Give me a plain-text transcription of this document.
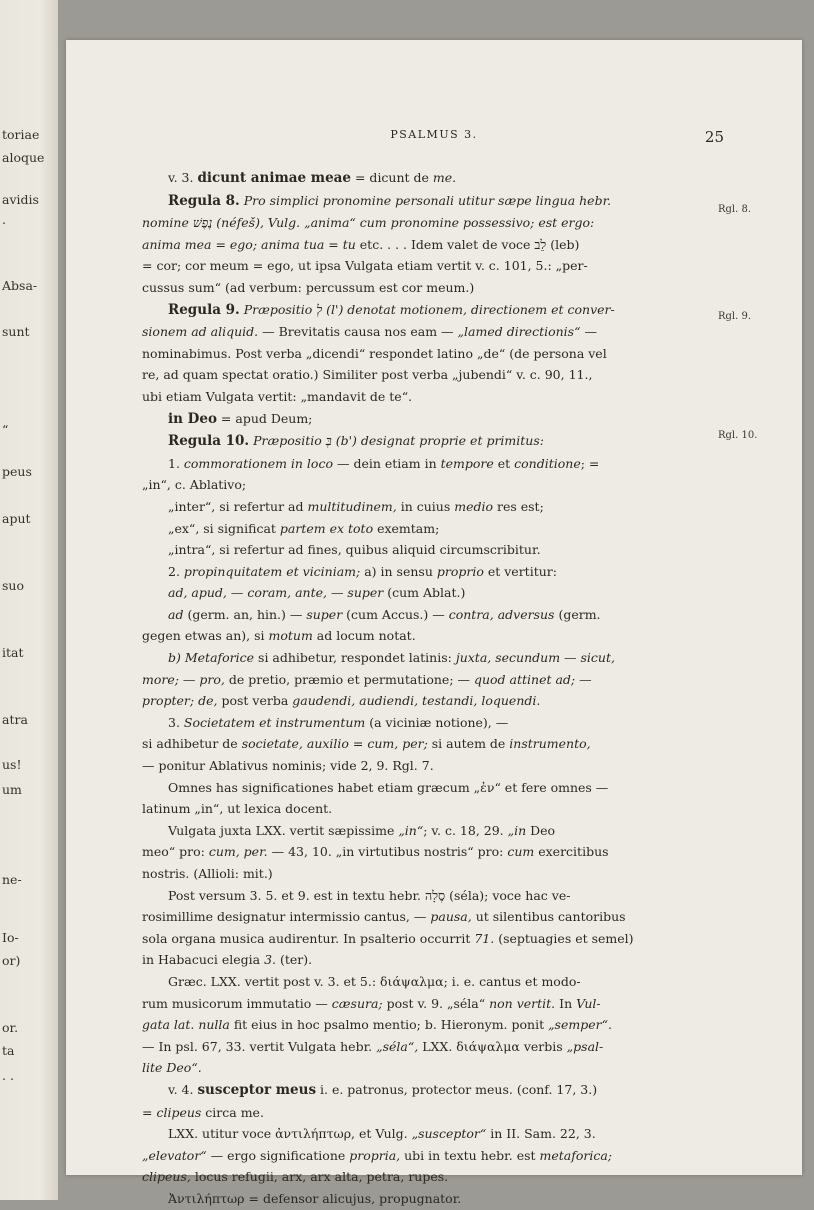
toriae
aloque
avidis
.
Absa-
sunt
“
peus
aput
suo
itat
atra
us!
um
ne-
Io-
or)
or.
ta
. .
PSALMUS 3.	25
Rgl. 8.
Rgl. 9.
Rgl. 10.

v. 3. dicunt animae meae = dicunt de me.

Regula 8. Pro simplici pronomine personali utitur sæpe lingua hebr.

nomine נֶפֶשׁ (néfeš), Vulg. „anima“ cum pronomine possessivo; est ergo:

anima mea = ego; anima tua = tu etc. . . . Idem valet de voce לֵב (leb)

= cor; cor meum = ego, ut ipsa Vulgata etiam vertit v. c. 101, 5.: „per-

cussus sum“ (ad verbum: percussum est cor meum.)

Regula 9. Præpositio לְ (l') denotat motionem, directionem et conver-

sionem ad aliquid. — Brevitatis causa nos eam — „lamed directionis“ —

nominabimus. Post verba „dicendi“ respondet latino „de“ (de persona vel

re, ad quam spectat oratio.) Similiter post verba „jubendi“ v. c. 90, 11.,

ubi etiam Vulgata vertit: „mandavit de te“.

in Deo = apud Deum;

Regula 10. Præpositio בְּ (b') designat proprie et primitus:

1. commorationem in loco — dein etiam in tempore et conditione; =

„in“, c. Ablativo;

„inter“, si refertur ad multitudinem, in cuius medio res est;

„ex“, si significat partem ex toto exemtam;

„intra“, si refertur ad fines, quibus aliquid circumscribitur.

2. propinquitatem et viciniam; a) in sensu proprio et vertitur:

ad, apud, — coram, ante, — super (cum Ablat.)

ad (germ. an, hin.) — super (cum Accus.) — contra, adversus (germ.

gegen etwas an), si motum ad locum notat.

b) Metaforice si adhibetur, respondet latinis: juxta, secundum — sicut,

more; — pro, de pretio, præmio et permutatione; — quod attinet ad; —

propter; de, post verba gaudendi, audiendi, testandi, loquendi.

3. Societatem et instrumentum (a viciniæ notione), —

si adhibetur de societate, auxilio = cum, per; si autem de instrumento,

— ponitur Ablativus nominis; vide 2, 9. Rgl. 7.

Omnes has significationes habet etiam græcum „ἐν“ et fere omnes —

latinum „in“, ut lexica docent.

Vulgata juxta LXX. vertit sæpissime „in“; v. c. 18, 29. „in Deo

meo“ pro: cum, per. — 43, 10. „in virtutibus nostris“ pro: cum exercitibus

nostris. (Allioli: mit.)

Post versum 3. 5. et 9. est in textu hebr. סֶלָה (séla); voce hac ve-

rosimillime designatur intermissio cantus, — pausa, ut silentibus cantoribus

sola organa musica audirentur. In psalterio occurrit 71. (septuagies et semel)

in Habacuci elegia 3. (ter).

Græc. LXX. vertit post v. 3. et 5.: διάψαλμα; i. e. cantus et modo-

rum musicorum immutatio — cæsura; post v. 9. „séla“ non vertit. In Vul-

gata lat. nulla fit eius in hoc psalmo mentio; b. Hieronym. ponit „semper“.

— In psl. 67, 33. vertit Vulgata hebr. „séla“, LXX. διάψαλμα verbis „psal-

lite Deo“.

v. 4. susceptor meus i. e. patronus, protector meus. (conf. 17, 3.)

= clipeus circa me.

LXX. utitur voce ἀντιλήπτωρ, et Vulg. „susceptor“ in II. Sam. 22, 3.

„elevator“ — ergo significatione propria, ubi in textu hebr. est metaforica;

clipeus, locus refugii, arx, arx alta, petra, rupes.

Ἀντιλήπτωρ = defensor alicujus, propugnator.
